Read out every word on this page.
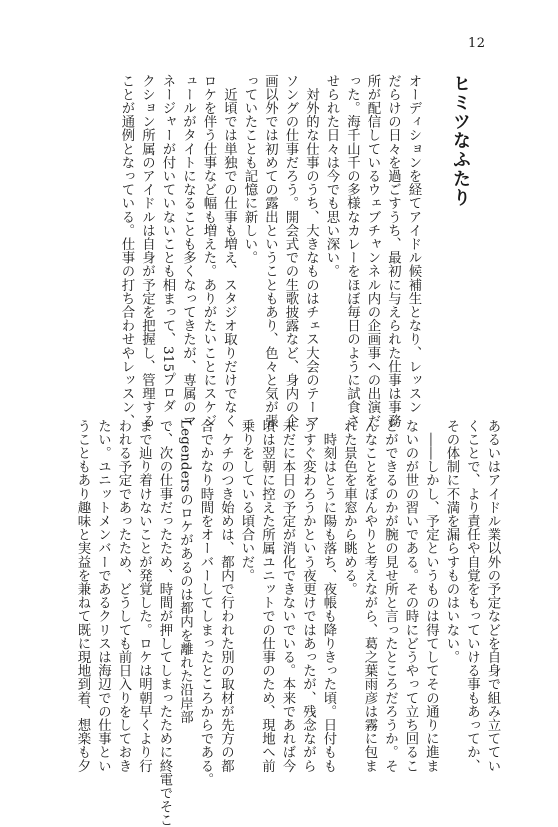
12
ヒミツなふたり
オーディションを経てアイドル候補生となり、レッスン
だらけの日々を過ごすうち、最初に与えられた仕事は事務
所が配信しているウェブチャンネル内の企画事への出演だ
った。海千山千の多様なカレーをほぼ毎日のように試食さ
せられた日々は今でも思い深い。
　対外的な仕事のうち、大きなものはチェス大会のテーマ
ソングの仕事だろう。開会式での生歌披露など、身内の企
画以外では初めての露出ということもあり、色々と気が張
っていたことも記憶に新しい。
　近頃では単独での仕事も増え、スタジオ取りだけでなく
ロケを伴う仕事など幅も増えた。ありがたいことにスケジ
ュールがタイトになることも多くなってきたが、専属のマ
ネージャーが付いていないことも相まって、315プロダ
クション所属のアイドルは自身が予定を把握し、管理する
ことが通例となっている。仕事の打ち合わせやレッスン、
あるいはアイドル業以外の予定などを自身で組み立ててい
くことで、より責任や自覚をもっていける事もあってか、
その体制に不満を漏らすものはいない。
　――しかし、予定というものは得てしてその通りに進ま
ないのが世の習いである。その時にどうやって立ち回るこ
とができるのかが腕の見せ所と言ったところだろうか。そ
んなことをぼんやりと考えながら、葛之葉雨彦は霧に包ま
れた景色を車窓から眺める。
　時刻はとうに陽も落ち、夜帳も降りきった頃。日付もも
うすぐ変わろうかという夜更けではあったが、残念ながら
未だに本日の予定が消化できないでいる。本来であれば今
頃は翌朝に控えた所属ユニットでの仕事のため、現地へ前
乗りをしている頃合いだ。
　ケチのつき始めは、都内で行われた別の取材が先方の都
合でかなり時間をオーバーしてしまったところからである。
Legendersのロケがあるのは都内を離れた沿岸部
で、次の仕事だったため、時間が押してしまったために終電でそこ
まで辿り着けないことが発覚した。ロケは明朝早くより行
われる予定であったため、どうしても前日入りをしておき
たい。ユニットメンバーであるクリスは海辺での仕事とい
うこともあり趣味と実益を兼ねて既に現地到着、想楽も夕
